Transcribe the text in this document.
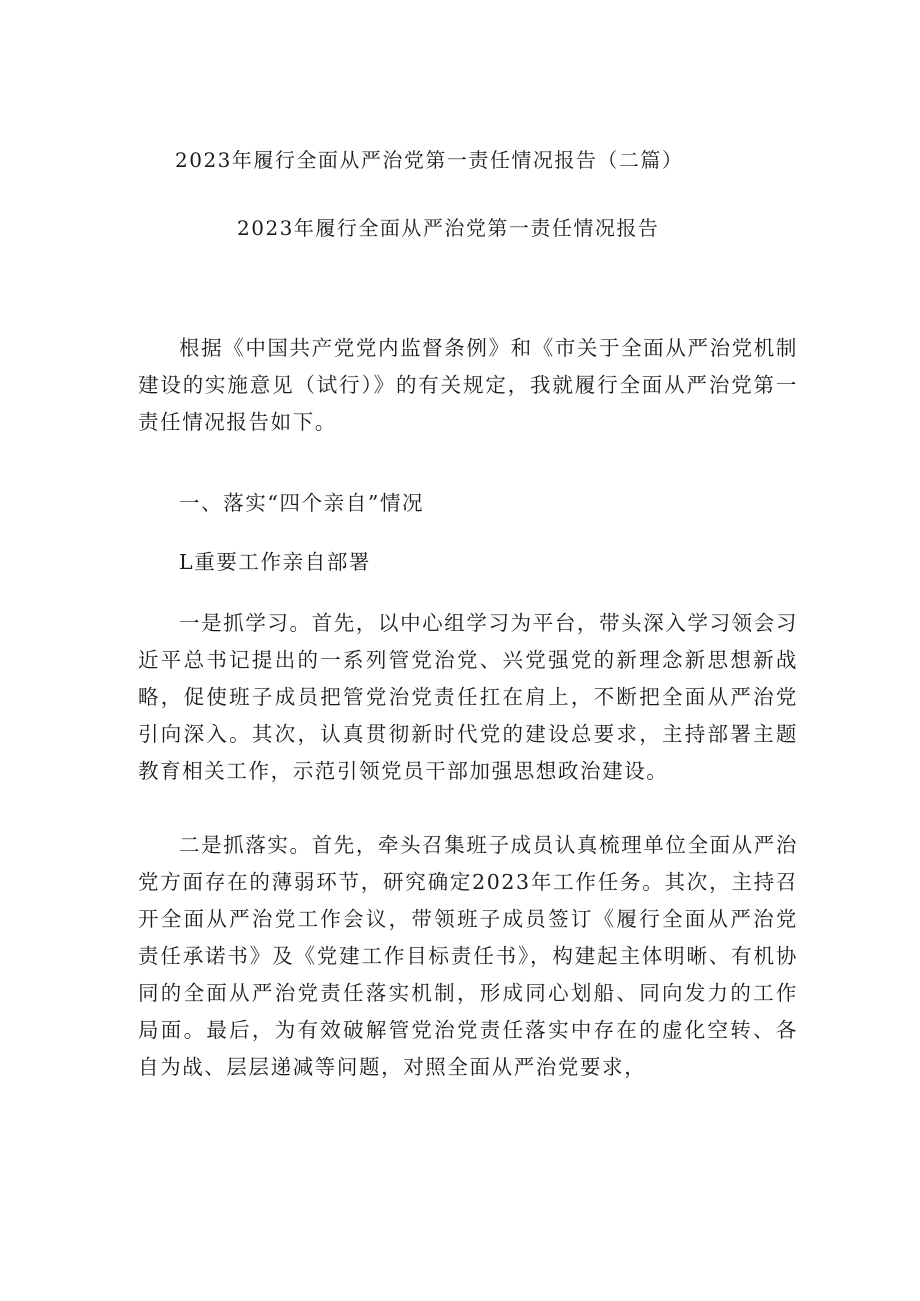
2023年履行全面从严治党第一责任情况报告（二篇）
2023年履行全面从严治党第一责任情况报告

根据《中国共产党党内监督条例》和《市关于全面从严治党机制建设的实施意见（试行）》的有关规定，我就履行全面从严治党第一责任情况报告如下。

一、落实“四个亲自”情况

L重要工作亲自部署

一是抓学习。首先，以中心组学习为平台，带头深入学习领会习近平总书记提出的一系列管党治党、兴党强党的新理念新思想新战略，促使班子成员把管党治党责任扛在肩上，不断把全面从严治党引向深入。其次，认真贯彻新时代党的建设总要求，主持部署主题教育相关工作，示范引领党员干部加强思想政治建设。

二是抓落实。首先，牵头召集班子成员认真梳理单位全面从严治党方面存在的薄弱环节，研究确定2023年工作任务。其次，主持召开全面从严治党工作会议，带领班子成员签订《履行全面从严治党责任承诺书》及《党建工作目标责任书》，构建起主体明晰、有机协同的全面从严治党责任落实机制，形成同心划船、同向发力的工作局面。最后，为有效破解管党治党责任落实中存在的虚化空转、各自为战、层层递减等问题，对照全面从严治党要求，
